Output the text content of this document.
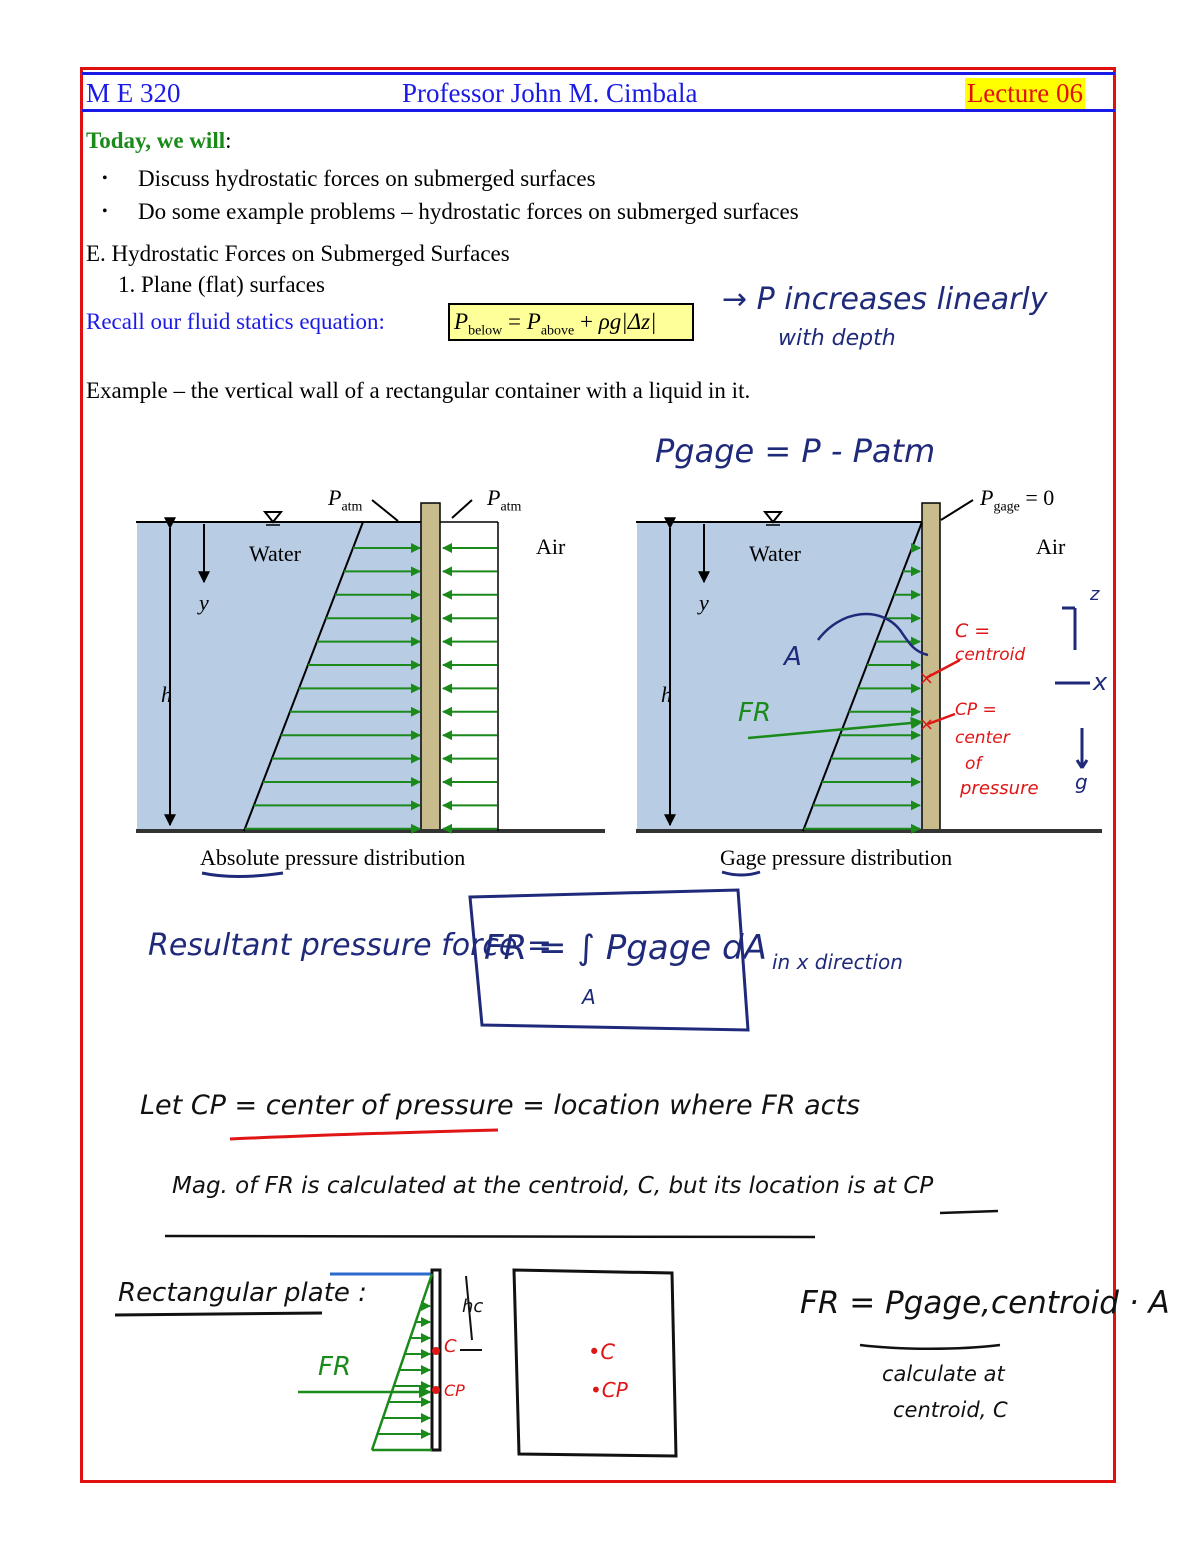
M E 320	Professor John M. Cimbala	Lecture 06
Today, we will:
• Discuss hydrostatic forces on submerged surfaces
• Do some example problems – hydrostatic forces on submerged surfaces
E. Hydrostatic Forces on Submerged Surfaces
1. Plane (flat) surfaces
Recall our fluid statics equation:	$P_{below} = P_{above} + \rho g|\Delta z|$
→ P increases linearly
with depth
Example – the vertical wall of a rectangular container with a liquid in it.
Pgage = P - Patm
×
×
$P_{atm}$	$P_{atm}$
Water	Air
y
h
Absolute pressure distribution
$P_{gage} = 0$
Water	Air
y
h
Gage pressure distribution
A
FR
C =
centroid
CP =
center
of
pressure
z
x
g
Resultant pressure force =
FR = ∫ Pgage dA
A
in x direction
Let CP = center of pressure = location where FR acts
Mag. of FR is calculated at the centroid, C, but its location is at CP
Rectangular plate :	hc
C
CP
FR	•C
•CP
FR = Pgage,centroid · A
calculate at
centroid, C
